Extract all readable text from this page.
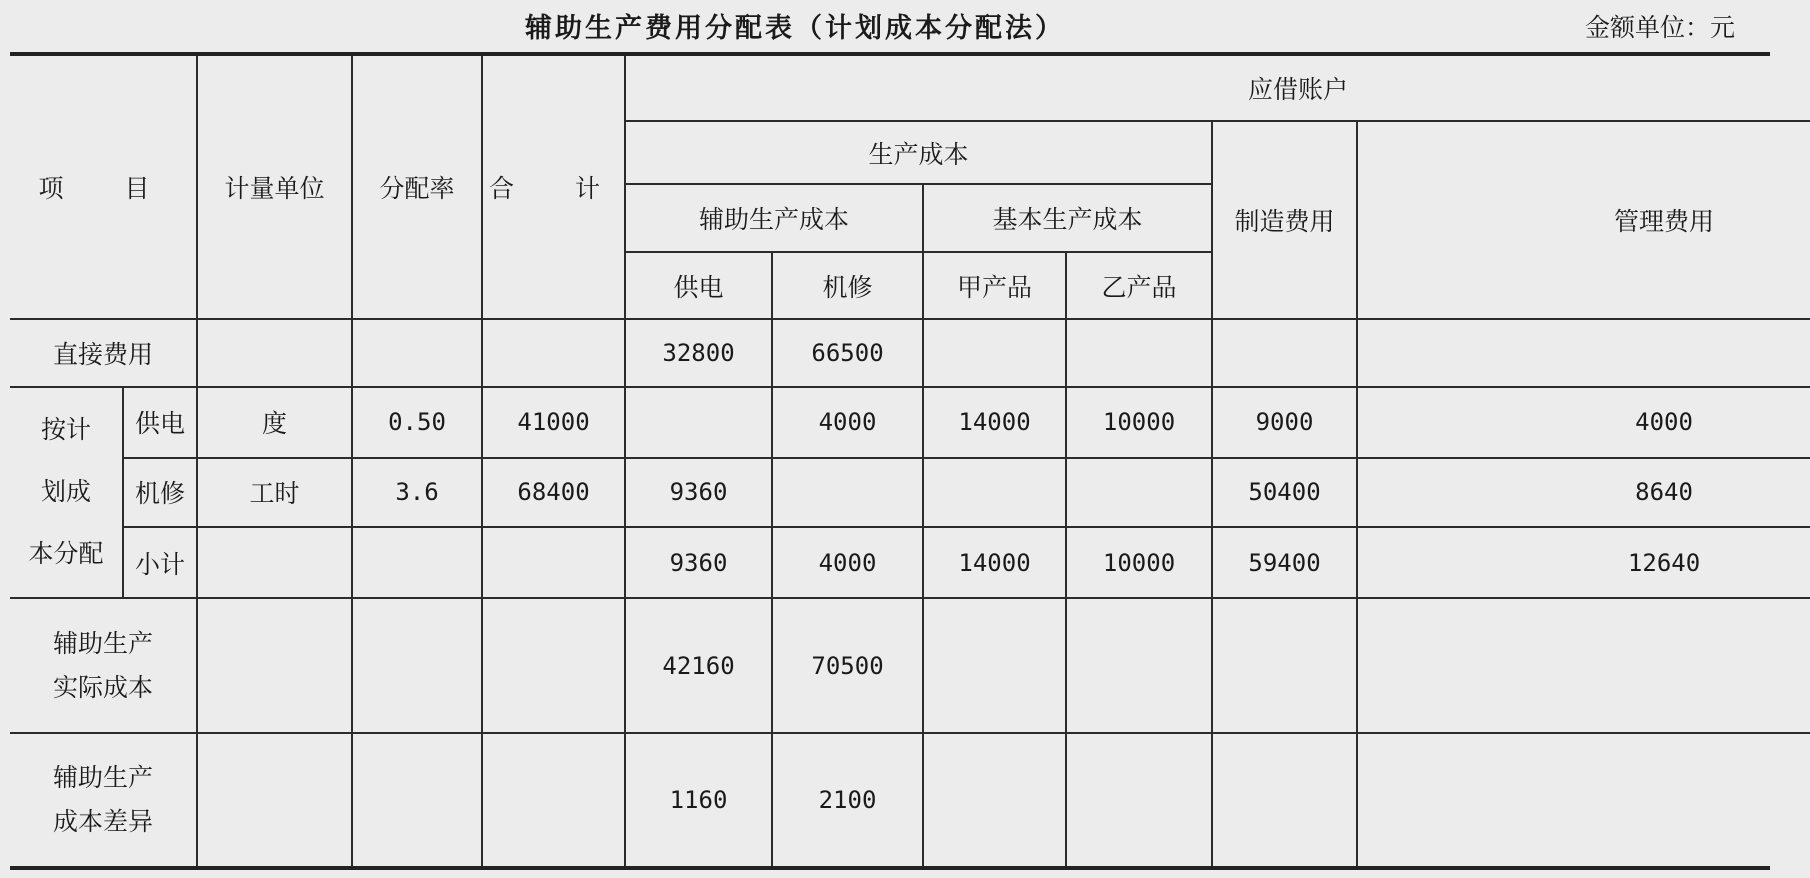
辅助生产费用分配表（计划成本分配法）	金额单位：元
项　目		计量单位	分配率	合　计	应借账户					
					生产成本				制造费用	管理费用
					辅助生产成本		基本生产成本			
					供电	机修	甲产品	乙产品		
直接费用					32800	66500				
按计
划成
本分配	供电	度	0.50	41000		4000	14000	10000	9000	4000
	机修	工时	3.6	68400	9360				50400	8640
	小计				9360	4000	14000	10000	59400	12640
辅助生产
实际成本					42160	70500				
辅助生产
成本差异					1160	2100				
